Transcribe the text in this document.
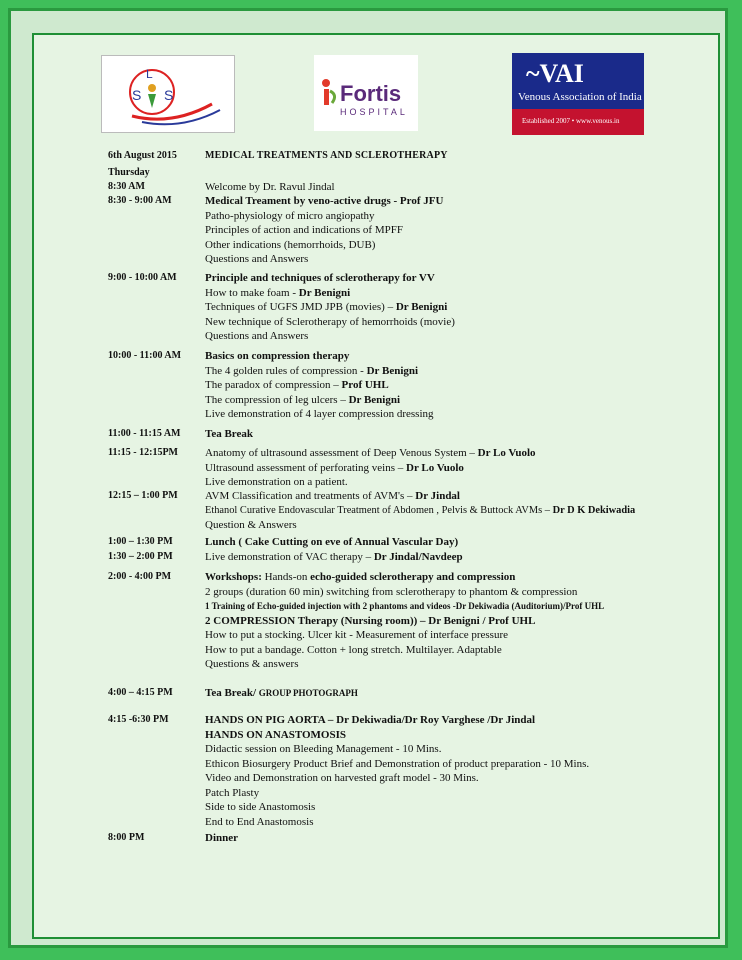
L
S S	Fortis
HOSPITAL
~VAI
Venous Association of India
Established 2007 • www.venous.in
6th August 2015	MEDICAL TREATMENTS AND SCLEROTHERAPY
Thursday
8:30 AM	Welcome by Dr. Ravul Jindal
8:30 - 9:00 AM	Medical Treament by veno-active drugs - Prof JFU
Patho-physiology of micro angiopathy
Principles of action and indications of MPFF
Other indications (hemorrhoids, DUB)
Questions and Answers
9:00 - 10:00 AM	Principle and techniques of sclerotherapy for VV
How to make foam - Dr Benigni
Techniques of UGFS JMD JPB (movies) – Dr Benigni
New technique of Sclerotherapy of hemorrhoids (movie)
Questions and Answers
10:00 - 11:00 AM Basics on compression therapy
The 4 golden rules of compression - Dr Benigni
The paradox of compression – Prof UHL
The compression of leg ulcers – Dr Benigni
Live demonstration of 4 layer compression dressing
11:00 - 11:15 AM Tea Break
11:15 - 12:15PM Anatomy of ultrasound assessment of Deep Venous System – Dr Lo Vuolo
Ultrasound assessment of perforating veins – Dr Lo Vuolo
Live demonstration on a patient.
12:15 – 1:00 PM AVM Classification and treatments of AVM's – Dr Jindal
Ethanol Curative Endovascular Treatment of Abdomen , Pelvis & Buttock AVMs – Dr D K Dekiwadia
Question & Answers
1:00 – 1:30 PM	Lunch ( Cake Cutting on eve of Annual Vascular Day)
1:30 – 2:00 PM	Live demonstration of VAC therapy – Dr Jindal/Navdeep
2:00 - 4:00 PM	Workshops: Hands-on echo-guided sclerotherapy and compression
2 groups (duration 60 min) switching from sclerotherapy to phantom & compression
1 Training of Echo-guided injection with 2 phantoms and videos -Dr Dekiwadia (Auditorium)/Prof UHL
2 COMPRESSION Therapy (Nursing room)) – Dr Benigni / Prof UHL
How to put a stocking. Ulcer kit - Measurement of interface pressure
How to put a bandage. Cotton + long stretch. Multilayer. Adaptable
Questions & answers
4:00 – 4:15 PM	Tea Break/ GROUP PHOTOGRAPH
4:15 -6:30 PM	HANDS ON PIG AORTA – Dr Dekiwadia/Dr Roy Varghese /Dr Jindal
HANDS ON ANASTOMOSIS
Didactic session on Bleeding Management - 10 Mins.
Ethicon Biosurgery Product Brief and Demonstration of product preparation - 10 Mins.
Video and Demonstration on harvested graft model - 30 Mins.
Patch Plasty
Side to side Anastomosis
End to End Anastomosis
8:00 PM	Dinner
